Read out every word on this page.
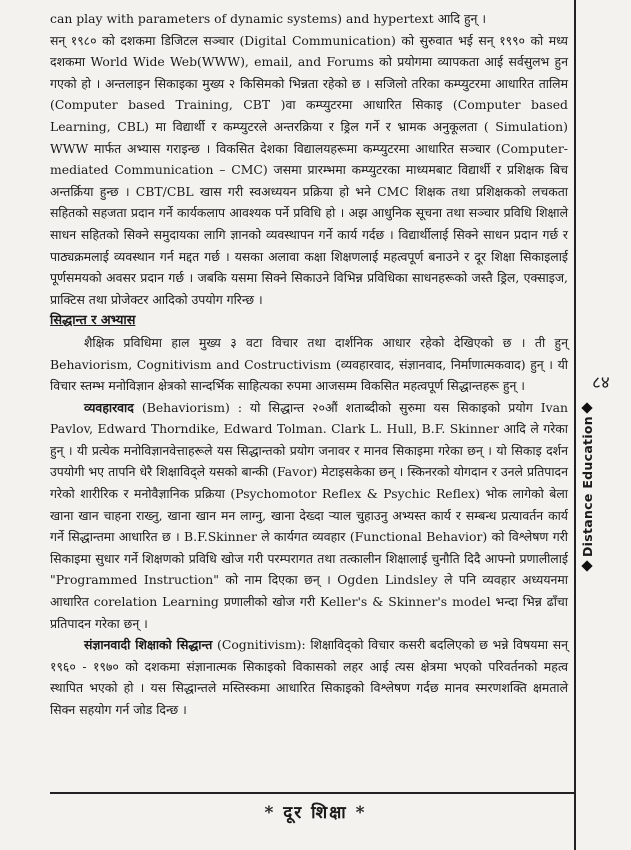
can play with parameters of dynamic systems) and hypertext आदि हुन् ।

सन् १९८० को दशकमा डिजिटल सञ्चार (Digital Communication) को सुरुवात भई सन् १९९० को मध्य दशकमा World Wide Web(WWW), email, and Forums को प्रयोगमा व्यापकता आई सर्वसुलभ हुन गएको हो । अन्तलाइन सिकाइका मुख्य २ किसिमको भिन्नता रहेको छ । सजिलो तरिका कम्प्युटरमा आधारित तालिम (Computer based Training, CBT )वा कम्प्युटरमा आधारित सिकाइ (Computer based Learning, CBL) मा विद्यार्थी र कम्प्युटरले अन्तरक्रिया र ड्रिल गर्ने र भ्रामक अनुकूलता ( Simulation) WWW मार्फत अभ्यास गराइन्छ । विकसित देशका विद्यालयहरूमा कम्प्युटरमा आधारित सञ्चार (Computer-mediated Communication – CMC) जसमा प्रारम्भमा कम्प्युटरका माध्यमबाट विद्यार्थी र प्रशिक्षक बिच अन्तर्क्रिया हुन्छ । CBT/CBL खास गरी स्वअध्ययन प्रक्रिया हो भने CMC शिक्षक तथा प्रशिक्षकको लचकता सहितको सहजता प्रदान गर्ने कार्यकलाप आवश्यक पर्ने प्रविधि हो । अझ आधुनिक सूचना तथा सञ्चार प्रविधि शिक्षाले साधन सहितको सिक्ने समुदायका लागि ज्ञानको व्यवस्थापन गर्ने कार्य गर्दछ । विद्यार्थीलाई सिक्ने साधन प्रदान गर्छ र पाठ्यक्रमलाई व्यवस्थान गर्न मद्दत गर्छ । यसका अलावा कक्षा शिक्षणलाई महत्वपूर्ण बनाउने र दूर शिक्षा सिकाइलाई पूर्णसमयको अवसर प्रदान गर्छ । जबकि यसमा सिक्ने सिकाउने विभिन्न प्रविधिका साधनहरूको जस्तै ड्रिल, एक्साइज, प्राक्टिस तथा प्रोजेक्टर आदिको उपयोग गरिन्छ ।

सिद्धान्त र अभ्यास

शैक्षिक प्रविधिमा हाल मुख्य ३ वटा विचार तथा दार्शनिक आधार रहेको देखिएको छ । ती हुन् Behaviorism, Cognitivism and Costructivism (व्यवहारवाद, संज्ञानवाद, निर्माणात्मकवाद) हुन् । यी विचार स्तम्भ मनोविज्ञान क्षेत्रको सान्दर्भिक साहित्यका रुपमा आजसम्म विकसित महत्वपूर्ण सिद्धान्तहरू हुन् ।

व्यवहारवाद (Behaviorism) : यो सिद्धान्त २०औं शताब्दीको सुरुमा यस सिकाइको प्रयोग Ivan Pavlov, Edward Thorndike, Edward Tolman. Clark L. Hull, B.F. Skinner आदि ले गरेका हुन् । यी प्रत्येक मनोविज्ञानवेत्ताहरूले यस सिद्धान्तको प्रयोग जनावर र मानव सिकाइमा गरेका छन् । यो सिकाइ दर्शन उपयोगी भए तापनि धेरै शिक्षाविद्ले यसको बान्की (Favor) मेटाइसकेका छन् । स्किनरको योगदान र उनले प्रतिपादन गरेको शारीरिक र मनोवैज्ञानिक प्रक्रिया (Psychomotor Reflex & Psychic Reflex) भोक लागेको बेला खाना खान चाहना राख्नु, खाना खान मन लाग्नु, खाना देख्दा र्‍याल चुहाउनु अभ्यस्त कार्य र सम्बन्ध प्रत्यावर्तन कार्य गर्ने सिद्धान्तमा आधारित छ । B.F.Skinner ले कार्यगत व्यवहार (Functional Behavior) को विश्लेषण गरी सिकाइमा सुधार गर्ने शिक्षणको प्रविधि खोज गरी परम्परागत तथा तत्कालीन शिक्षालाई चुनौति दिदै आफ्नो प्रणालीलाई "Programmed Instruction" को नाम दिएका छन् । Ogden Lindsley ले पनि व्यवहार अध्ययनमा आधारित corelation Learning प्रणालीको खोज गरी Keller's & Skinner's model भन्दा भिन्न ढाँचा प्रतिपादन गरेका छन् ।

संज्ञानवादी शिक्षाको सिद्धान्त (Cognitivism): शिक्षाविद्को विचार कसरी बदलिएको छ भन्ने विषयमा सन् १९६० - १९७० को दशकमा संज्ञानात्मक सिकाइको विकासको लहर आई त्यस क्षेत्रमा भएको परिवर्तनको महत्व स्थापित भएको हो । यस सिद्धान्तले मस्तिस्कमा आधारित सिकाइको विश्लेषण गर्दछ मानव स्मरणशक्ति क्षमताले सिक्न सहयोग गर्न जोड दिन्छ ।

८४
Distance Education
* दूर शिक्षा *
